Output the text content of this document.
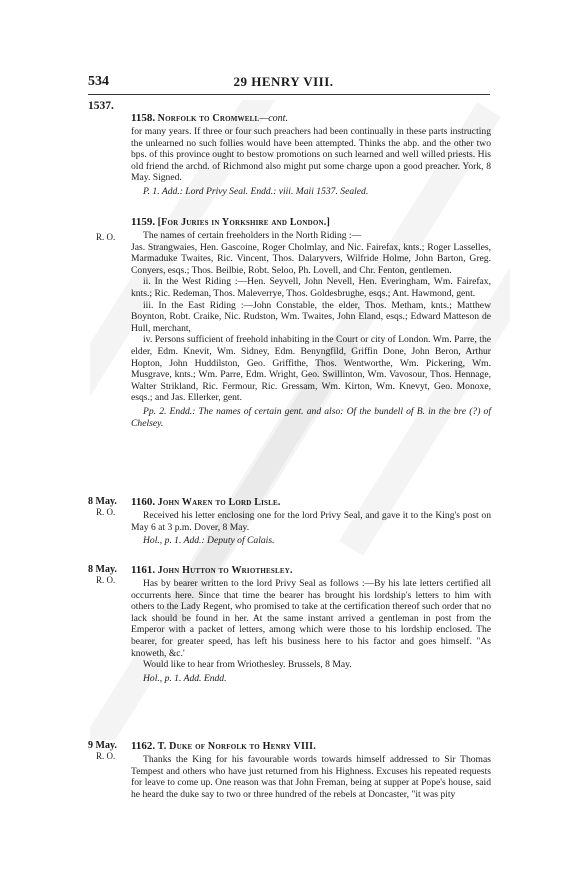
534	29 HENRY VIII.
1537.
1158. Norfolk to Cromwell—cont.

for many years. If three or four such preachers had been continually in these parts instructing the unlearned no such follies would have been attempted. Thinks the abp. and the other two bps. of this province ought to bestow promotions on such learned and well willed priests. His old friend the archd. of Richmond also might put some charge upon a good preacher. York, 8 May. Signed.

P. 1. Add.: Lord Privy Seal. Endd.: viii. Maii 1537. Sealed.

R. O.
1159. [For Juries in Yorkshire and London.]

The names of certain freeholders in the North Riding :—

Jas. Strangwaies, Hen. Gascoine, Roger Cholmlay, and Nic. Fairefax, knts.; Roger Lasselles, Marmaduke Twaites, Ric. Vincent, Thos. Dalaryvers, Wilfride Holme, John Barton, Greg. Conyers, esqs.; Thos. Beilbie, Robt. Seloo, Ph. Lovell, and Chr. Fenton, gentlemen.

ii. In the West Riding :—Hen. Seyvell, John Nevell, Hen. Everingham, Wm. Fairefax, knts.; Ric. Redeman, Thos. Maleverrye, Thos. Goldesbrughe, esqs.; Ant. Hawmond, gent.

iii. In the East Riding :—John Constable, the elder, Thos. Metham, knts.; Matthew Boynton, Robt. Craike, Nic. Rudston, Wm. Twaites, John Eland, esqs.; Edward Matteson de Hull, merchant,

iv. Persons sufficient of freehold inhabiting in the Court or city of London. Wm. Parre, the elder, Edm. Knevit, Wm. Sidney, Edm. Benyngfild, Griffin Done, John Beron, Arthur Hopton, John Huddilston, Geo. Griffithe, Thos. Wentworthe, Wm. Pickering, Wm. Musgrave, knts.; Wm. Parre, Edm. Wright, Geo. Swillinton, Wm. Vavosour, Thos. Hennage, Walter Strikland, Ric. Fermour, Ric. Gressam, Wm. Kirton, Wm. Knevyt, Geo. Monoxe, esqs.; and Jas. Ellerker, gent.

Pp. 2. Endd.: The names of certain gent. and also: Of the bundell of B. in the bre (?) of Chelsey.

8 May.
R. O.
1160. John Waren to Lord Lisle.

Received his letter enclosing one for the lord Privy Seal, and gave it to the King's post on May 6 at 3 p.m. Dover, 8 May.

Hol., p. 1. Add.: Deputy of Calais.

8 May.
R. O.
1161. John Hutton to Wriothesley.

Has by bearer written to the lord Privy Seal as follows :—By his late letters certified all occurrents here. Since that time the bearer has brought his lordship's letters to him with others to the Lady Regent, who promised to take at the certification thereof such order that no lack should be found in her. At the same instant arrived a gentleman in post from the Emperor with a packet of letters, among which were those to his lordship enclosed. The bearer, for greater speed, has left his business here to his factor and goes himself. "As knoweth, &c.'

Would like to hear from Wriothesley. Brussels, 8 May.

Hol., p. 1. Add. Endd.

9 May.
R. O.
1162. T. Duke of Norfolk to Henry VIII.

Thanks the King for his favourable words towards himself addressed to Sir Thomas Tempest and others who have just returned from his Highness. Excuses his repeated requests for leave to come up. One reason was that John Freman, being at supper at Pope's house, said he heard the duke say to two or three hundred of the rebels at Doncaster, "it was pity
